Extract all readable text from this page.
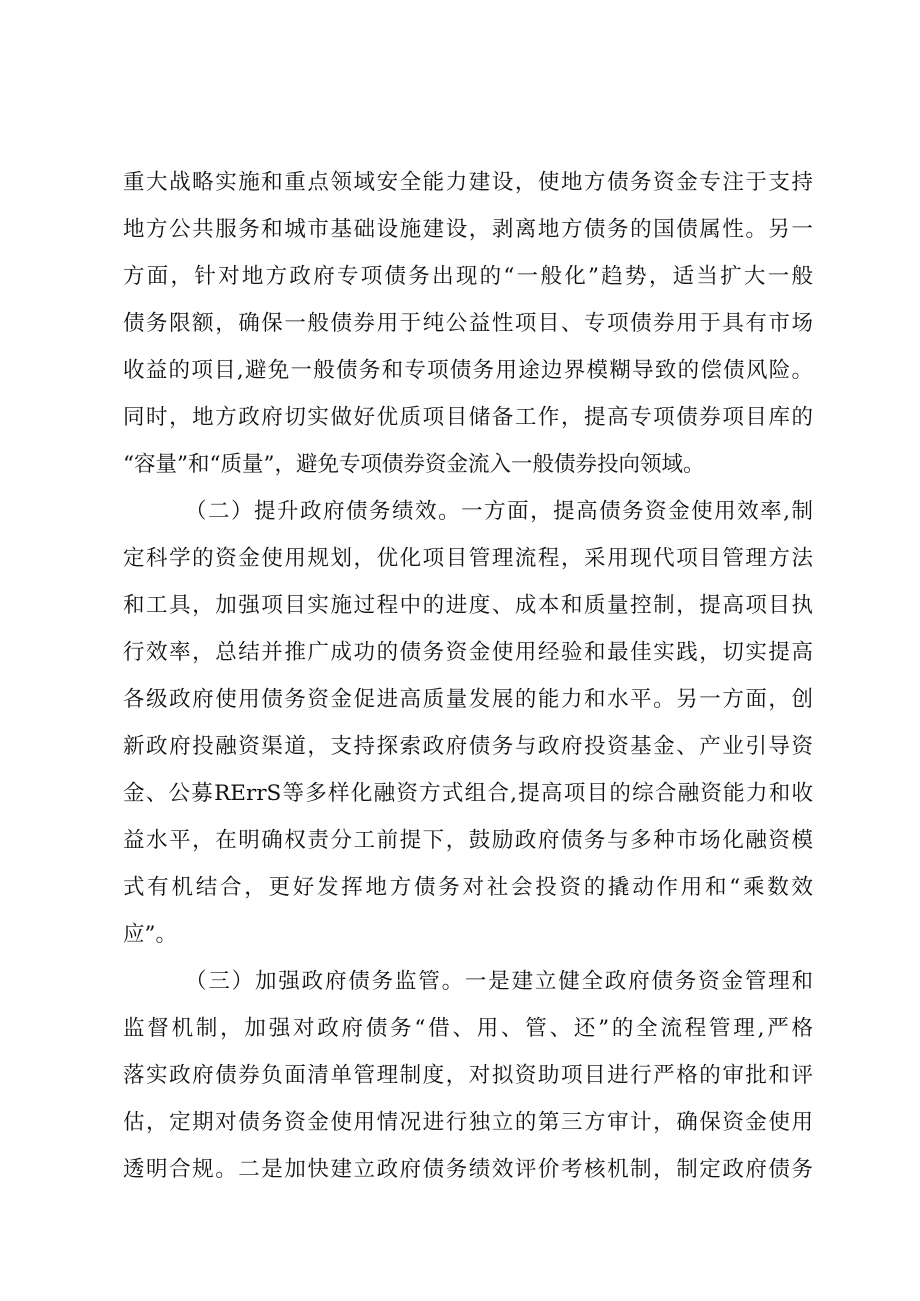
重大战略实施和重点领域安全能力建设，使地方债务资金专注于支持
地方公共服务和城市基础设施建设，剥离地方债务的国债属性。另一
方面，针对地方政府专项债务出现的“一般化”趋势，适当扩大一般
债务限额，确保一般债券用于纯公益性项目、专项债券用于具有市场
收益的项目,避免一般债务和专项债务用途边界模糊导致的偿债风险。
同时，地方政府切实做好优质项目储备工作，提高专项债券项目库的
“容量”和“质量”，避免专项债券资金流入一般债券投向领域。
（二）提升政府债务绩效。一方面，提高债务资金使用效率,制
定科学的资金使用规划，优化项目管理流程，采用现代项目管理方法
和工具，加强项目实施过程中的进度、成本和质量控制，提高项目执
行效率，总结并推广成功的债务资金使用经验和最佳实践，切实提高
各级政府使用债务资金促进高质量发展的能力和水平。另一方面，创
新政府投融资渠道，支持探索政府债务与政府投资基金、产业引导资
金、公募RErrS等多样化融资方式组合,提高项目的综合融资能力和收
益水平，在明确权责分工前提下，鼓励政府债务与多种市场化融资模
式有机结合，更好发挥地方债务对社会投资的撬动作用和“乘数效
应”。
（三）加强政府债务监管。一是建立健全政府债务资金管理和
监督机制，加强对政府债务“借、用、管、还”的全流程管理,严格
落实政府债券负面清单管理制度，对拟资助项目进行严格的审批和评
估，定期对债务资金使用情况进行独立的第三方审计，确保资金使用
透明合规。二是加快建立政府债务绩效评价考核机制，制定政府债务
